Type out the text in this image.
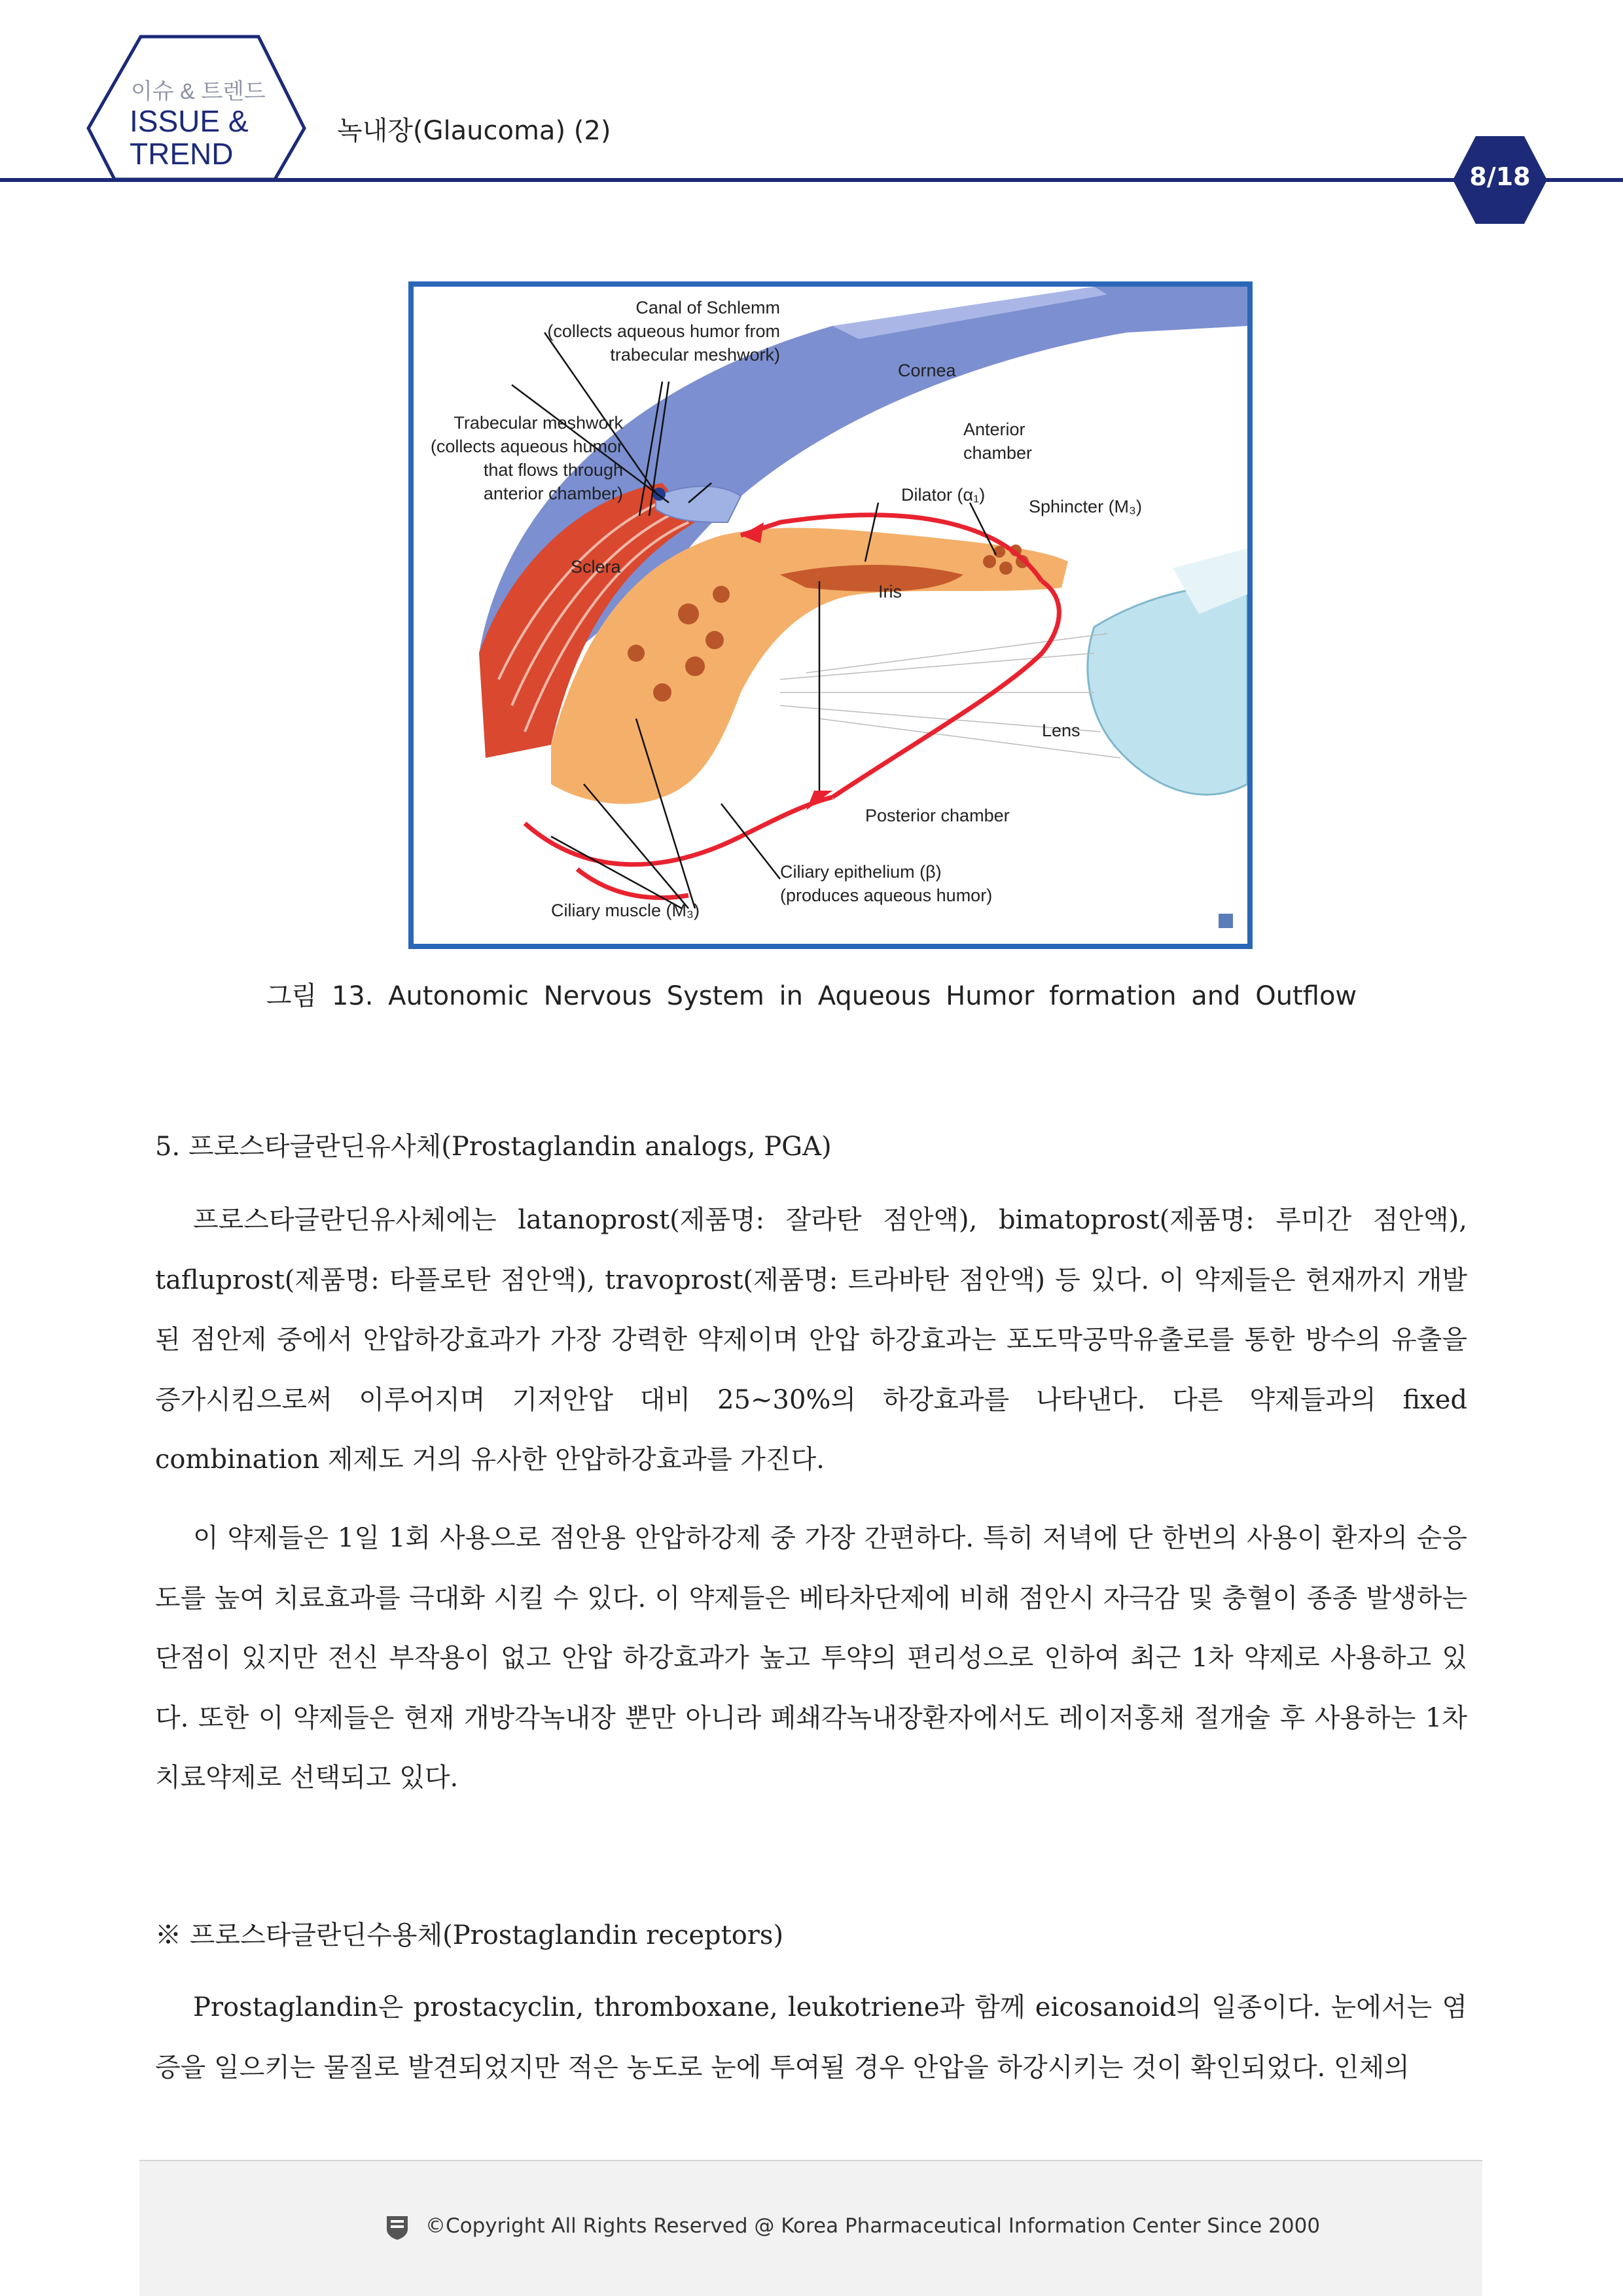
이슈 & 트렌드
ISSUE & TREND
녹내장(Glaucoma) (2)
8/18
Canal of Schlemm
(collects aqueous humor from
trabecular meshwork)
Trabecular meshwork
(collects aqueous humor
that flows through
anterior chamber)
Cornea
Anterior
chamber
Dilator (α₁)
Sphincter (M₃)
Sclera
Iris
Lens
Posterior chamber
Ciliary epithelium (β)
(produces aqueous humor)
Ciliary muscle (M₃)
그림 13. Autonomic Nervous System in Aqueous Humor formation and Outflow
5. 프로스타글란딘유사체(Prostaglandin analogs, PGA)

프로스타글란딘유사체에는 latanoprost(제품명: 잘라탄 점안액), bimatoprost(제품명: 루미간 점안액), tafluprost(제품명: 타플로탄 점안액), travoprost(제품명: 트라바탄 점안액) 등 있다. 이 약제들은 현재까지 개발된 점안제 중에서 안압하강효과가 가장 강력한 약제이며 안압 하강효과는 포도막공막유출로를 통한 방수의 유출을 증가시킴으로써 이루어지며 기저안압 대비 25~30%의 하강효과를 나타낸다. 다른 약제들과의 fixed combination 제제도 거의 유사한 안압하강효과를 가진다.

이 약제들은 1일 1회 사용으로 점안용 안압하강제 중 가장 간편하다. 특히 저녁에 단 한번의 사용이 환자의 순응도를 높여 치료효과를 극대화 시킬 수 있다. 이 약제들은 베타차단제에 비해 점안시 자극감 및 충혈이 종종 발생하는 단점이 있지만 전신 부작용이 없고 안압 하강효과가 높고 투약의 편리성으로 인하여 최근 1차 약제로 사용하고 있다. 또한 이 약제들은 현재 개방각녹내장 뿐만 아니라 폐쇄각녹내장환자에서도 레이저홍채 절개술 후 사용하는 1차 치료약제로 선택되고 있다.

※ 프로스타글란딘수용체(Prostaglandin receptors)

Prostaglandin은 prostacyclin, thromboxane, leukotriene과 함께 eicosanoid의 일종이다. 눈에서는 염증을 일으키는 물질로 발견되었지만 적은 농도로 눈에 투여될 경우 안압을 하강시키는 것이 확인되었다. 인체의

©Copyright All Rights Reserved @ Korea Pharmaceutical Information Center Since 2000
